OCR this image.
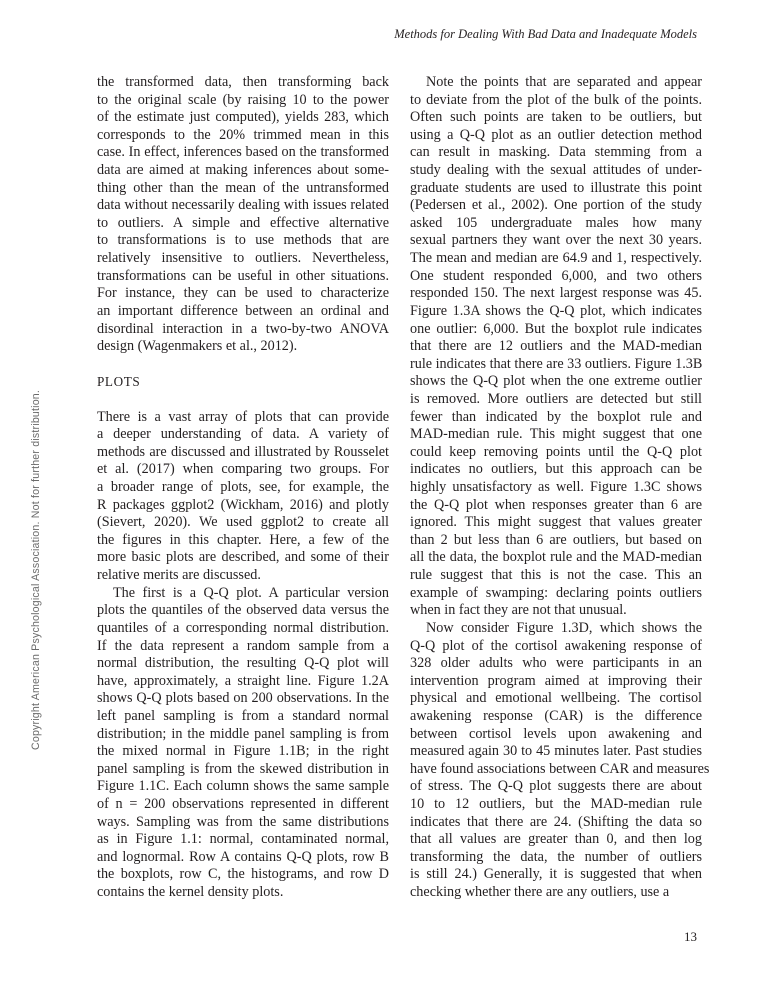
Methods for Dealing With Bad Data and Inadequate Models
Copyright American Psychological Association. Not for further distribution.
the transformed data, then transforming back
to the original scale (by raising 10 to the power
of the estimate just computed), yields 283, which
corresponds to the 20% trimmed mean in this
case. In effect, inferences based on the transformed
data are aimed at making inferences about some-
thing other than the mean of the untransformed
data without necessarily dealing with issues related
to outliers. A simple and effective alternative
to transformations is to use methods that are
relatively insensitive to outliers. Nevertheless,
transformations can be useful in other situations.
For instance, they can be used to characterize
an important difference between an ordinal and
disordinal interaction in a two-by-two ANOVA
design (Wagenmakers et al., 2012).
PLOTS
There is a vast array of plots that can provide
a deeper understanding of data. A variety of
methods are discussed and illustrated by Rousselet
et al. (2017) when comparing two groups. For
a broader range of plots, see, for example, the
R packages ggplot2 (Wickham, 2016) and plotly
(Sievert, 2020). We used ggplot2 to create all
the figures in this chapter. Here, a few of the
more basic plots are described, and some of their
relative merits are discussed.
The first is a Q-Q plot. A particular version
plots the quantiles of the observed data versus the
quantiles of a corresponding normal distribution.
If the data represent a random sample from a
normal distribution, the resulting Q-Q plot will
have, approximately, a straight line. Figure 1.2A
shows Q-Q plots based on 200 observations. In the
left panel sampling is from a standard normal
distribution; in the middle panel sampling is from
the mixed normal in Figure 1.1B; in the right
panel sampling is from the skewed distribution in
Figure 1.1C. Each column shows the same sample
of n = 200 observations represented in different
ways. Sampling was from the same distributions
as in Figure 1.1: normal, contaminated normal,
and lognormal. Row A contains Q-Q plots, row B
the boxplots, row C, the histograms, and row D
contains the kernel density plots.
Note the points that are separated and appear
to deviate from the plot of the bulk of the points.
Often such points are taken to be outliers, but
using a Q-Q plot as an outlier detection method
can result in masking. Data stemming from a
study dealing with the sexual attitudes of under-
graduate students are used to illustrate this point
(Pedersen et al., 2002). One portion of the study
asked 105 undergraduate males how many
sexual partners they want over the next 30 years.
The mean and median are 64.9 and 1, respectively.
One student responded 6,000, and two others
responded 150. The next largest response was 45.
Figure 1.3A shows the Q-Q plot, which indicates
one outlier: 6,000. But the boxplot rule indicates
that there are 12 outliers and the MAD-median
rule indicates that there are 33 outliers. Figure 1.3B
shows the Q-Q plot when the one extreme outlier
is removed. More outliers are detected but still
fewer than indicated by the boxplot rule and
MAD-median rule. This might suggest that one
could keep removing points until the Q-Q plot
indicates no outliers, but this approach can be
highly unsatisfactory as well. Figure 1.3C shows
the Q-Q plot when responses greater than 6 are
ignored. This might suggest that values greater
than 2 but less than 6 are outliers, but based on
all the data, the boxplot rule and the MAD-median
rule suggest that this is not the case. This an
example of swamping: declaring points outliers
when in fact they are not that unusual.
Now consider Figure 1.3D, which shows the
Q-Q plot of the cortisol awakening response of
328 older adults who were participants in an
intervention program aimed at improving their
physical and emotional wellbeing. The cortisol
awakening response (CAR) is the difference
between cortisol levels upon awakening and
measured again 30 to 45 minutes later. Past studies
have found associations between CAR and measures
of stress. The Q-Q plot suggests there are about
10 to 12 outliers, but the MAD-median rule
indicates that there are 24. (Shifting the data so
that all values are greater than 0, and then log
transforming the data, the number of outliers
is still 24.) Generally, it is suggested that when
checking whether there are any outliers, use a
13
